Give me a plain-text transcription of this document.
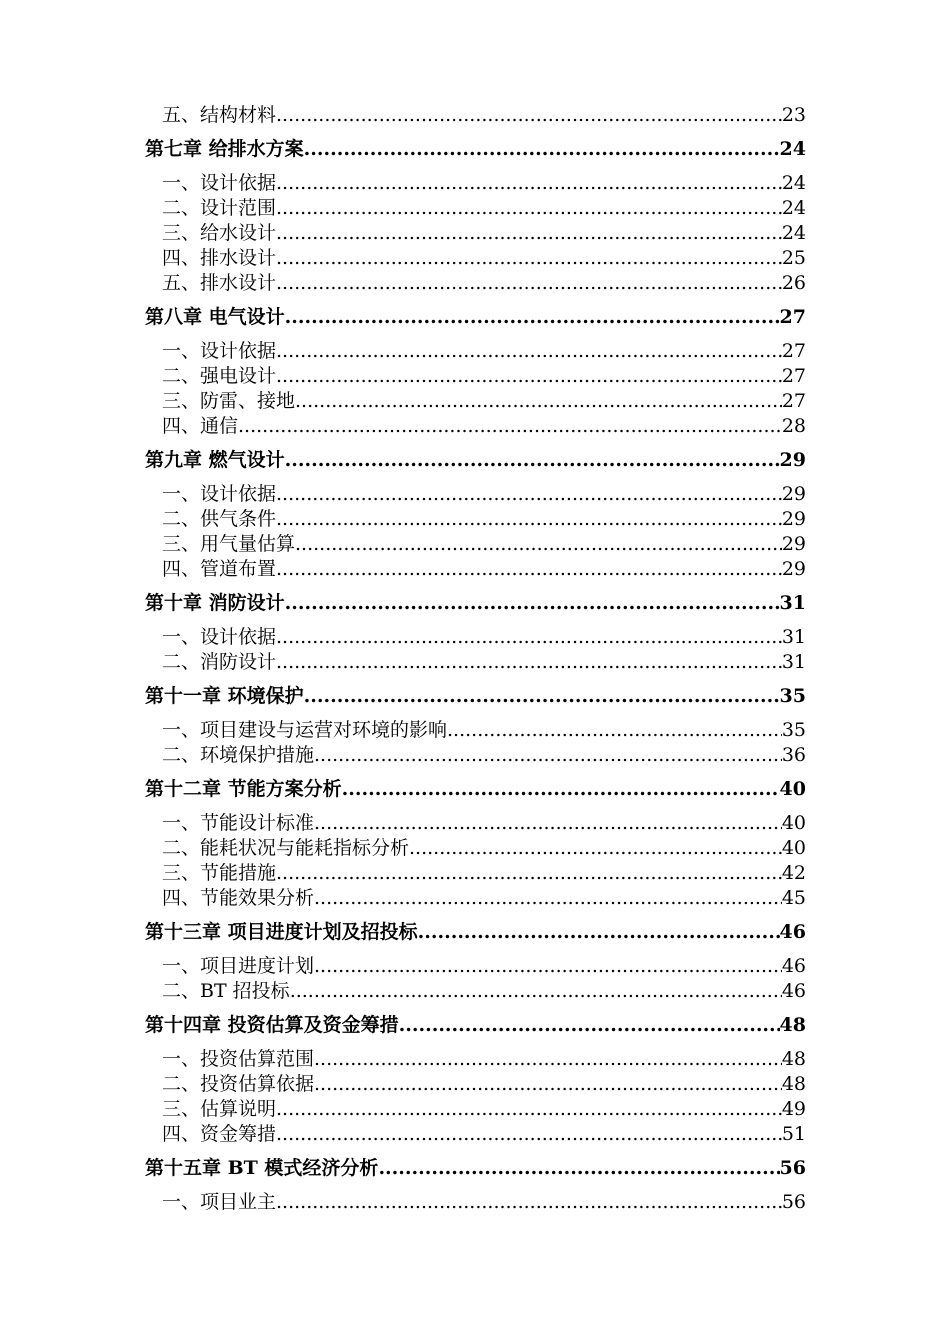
五、结构材料 .....	23
第七章 给排水方案 .....	24
一、设计依据 .....	24
二、设计范围 .....	24
三、给水设计 .....	24
四、排水设计 .....	25
五、排水设计 .....	26
第八章 电气设计 .....	27
一、设计依据 .....	27
二、强电设计 .....	27
三、防雷、接地 .....	27
四、通信 .....	28
第九章 燃气设计 .....	29
一、设计依据 .....	29
二、供气条件 .....	29
三、用气量估算 .....	29
四、管道布置 .....	29
第十章 消防设计 .....	31
一、设计依据 .....	31
二、消防设计 .....	31
第十一章 环境保护 .....	35
一、项目建设与运营对环境的影响 .....	35
二、环境保护措施 .....	36
第十二章 节能方案分析 .....	40
一、节能设计标准 .....	40
二、能耗状况与能耗指标分析 .....	40
三、节能措施 .....	42
四、节能效果分析 .....	45
第十三章 项目进度计划及招投标 .....	46
一、项目进度计划 .....	46
二、BT 招投标 .....	46
第十四章 投资估算及资金筹措 .....	48
一、投资估算范围 .....	48
二、投资估算依据 .....	48
三、估算说明 .....	49
四、资金筹措 .....	51
第十五章 BT 模式经济分析 .....	56
一、项目业主 .....	56
